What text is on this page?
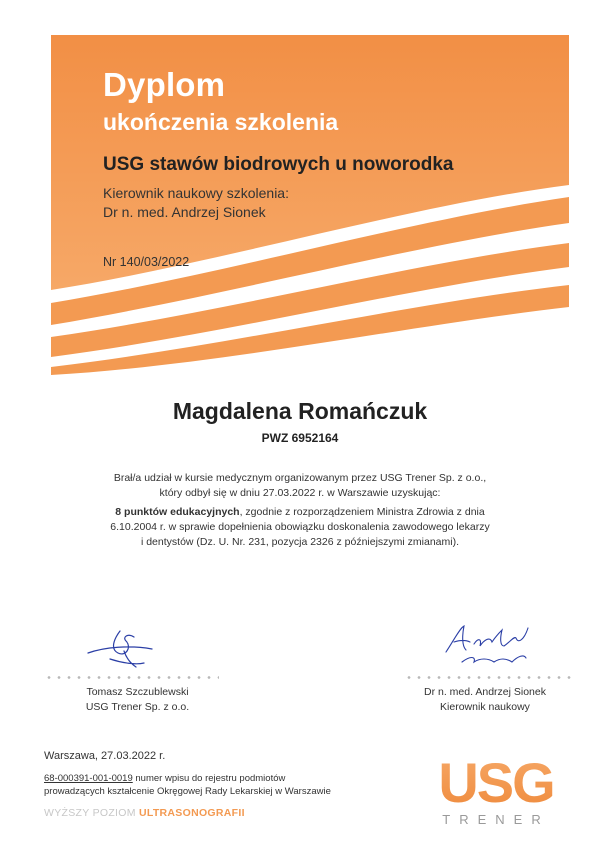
Dyplom
ukończenia szkolenia
USG stawów biodrowych u noworodka
Kierownik naukowy szkolenia:
Dr n. med. Andrzej Sionek
Nr 140/03/2022
Magdalena Romańczuk
PWZ 6952164
Brał/a udział w kursie medycznym organizowanym przez USG Trener Sp. z o.o.,
który odbył się w dniu 27.03.2022 r. w Warszawie uzyskując:
8 punktów edukacyjnych, zgodnie z rozporządzeniem Ministra Zdrowia z dnia
6.10.2004 r. w sprawie dopełnienia obowiązku doskonalenia zawodowego lekarzy
i dentystów (Dz. U. Nr. 231, pozycja 2326 z późniejszymi zmianami).
Andrzej Sionek
Tomasz Szczublewski
USG Trener Sp. z o.o.
Dr n. med. Andrzej Sionek
Kierownik naukowy
Warszawa, 27.03.2022 r.
68-000391-001-0019 numer wpisu do rejestru podmiotów
prowadzących kształcenie Okręgowej Rady Lekarskiej w Warszawie
WYŻSZY POZIOM ULTRASONOGRAFII	USG
TRENER
